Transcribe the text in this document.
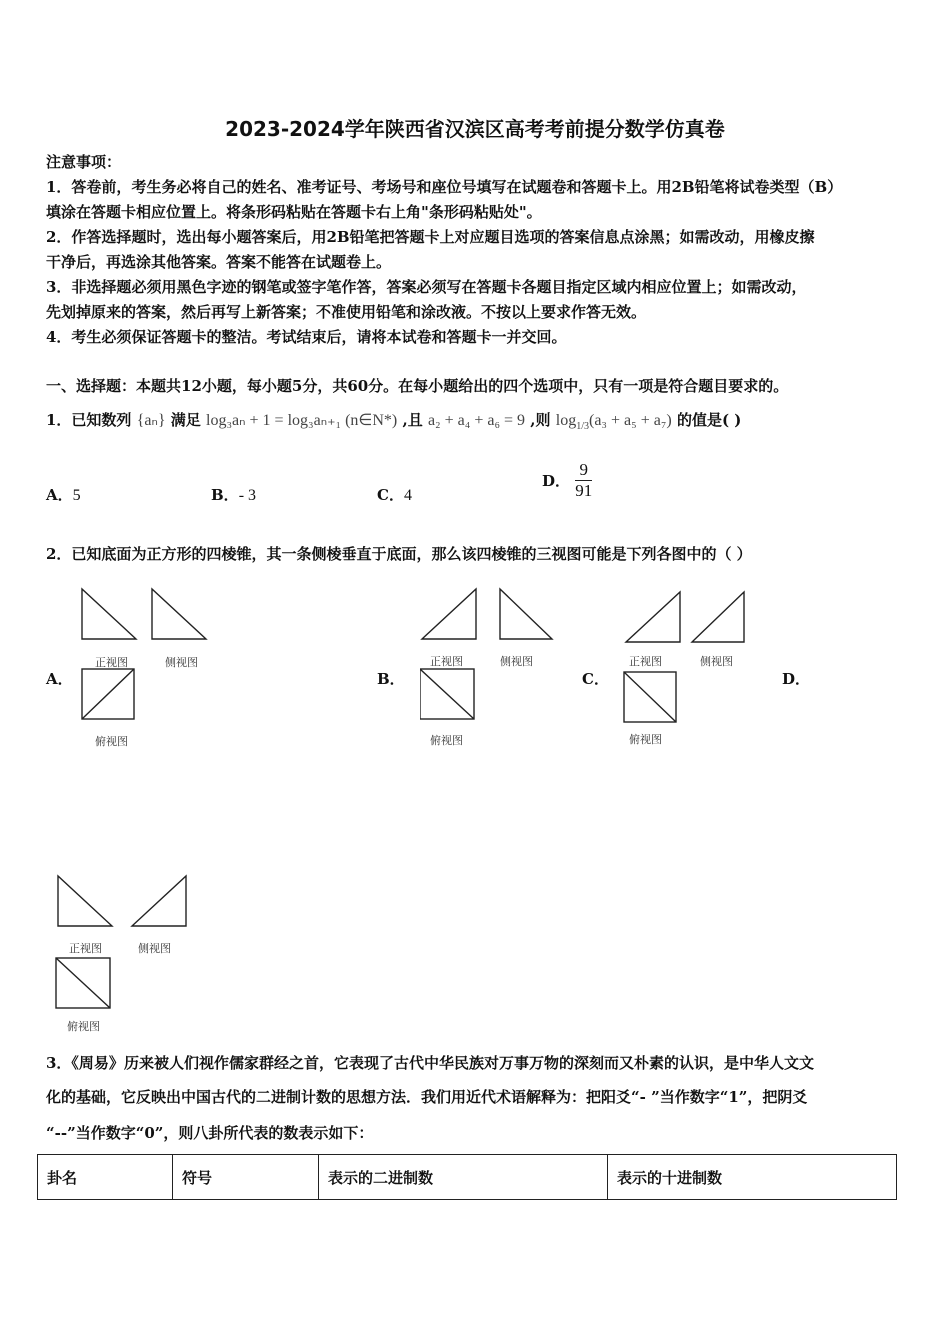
2023-2024学年陕西省汉滨区高考考前提分数学仿真卷
注意事项：
1．答卷前，考生务必将自己的姓名、准考证号、考场号和座位号填写在试题卷和答题卡上。用2B铅笔将试卷类型（B）
填涂在答题卡相应位置上。将条形码粘贴在答题卡右上角"条形码粘贴处"。
2．作答选择题时，选出每小题答案后，用2B铅笔把答题卡上对应题目选项的答案信息点涂黑；如需改动，用橡皮擦
干净后，再选涂其他答案。答案不能答在试题卷上。
3．非选择题必须用黑色字迹的钢笔或签字笔作答，答案必须写在答题卡各题目指定区域内相应位置上；如需改动，
先划掉原来的答案，然后再写上新答案；不准使用铅笔和涂改液。不按以上要求作答无效。
4．考生必须保证答题卡的整洁。考试结束后，请将本试卷和答题卡一并交回。
一、选择题：本题共12小题，每小题5分，共60分。在每小题给出的四个选项中，只有一项是符合题目要求的。
1．已知数列 {aₙ} 满足 log₃aₙ + 1 = log₃aₙ₊₁ (n∈N*) ,且 a₂ + a₄ + a₆ = 9 ,则 $\log_{1/3}(a_3 + a_5 + a_7)$ 的值是( )
A．5	B．- 3	C．4
D． $\frac{9}{91}$
2．已知底面为正方形的四棱锥，其一条侧棱垂直于底面，那么该四棱锥的三视图可能是下列各图中的（ ）
正视图	侧视图
俯视图
A．
正视图	侧视图
俯视图
B．
正视图	侧视图
俯视图
C．	D．
正视图	侧视图
俯视图
3．《周易》历来被人们视作儒家群经之首，它表现了古代中华民族对万事万物的深刻而又朴素的认识，是中华人文文
化的基础，它反映出中国古代的二进制计数的思想方法．我们用近代术语解释为：把阳爻“- ”当作数字“1”，把阴爻
“--”当作数字“0”，则八卦所代表的数表示如下：
卦名	符号	表示的二进制数	表示的十进制数
